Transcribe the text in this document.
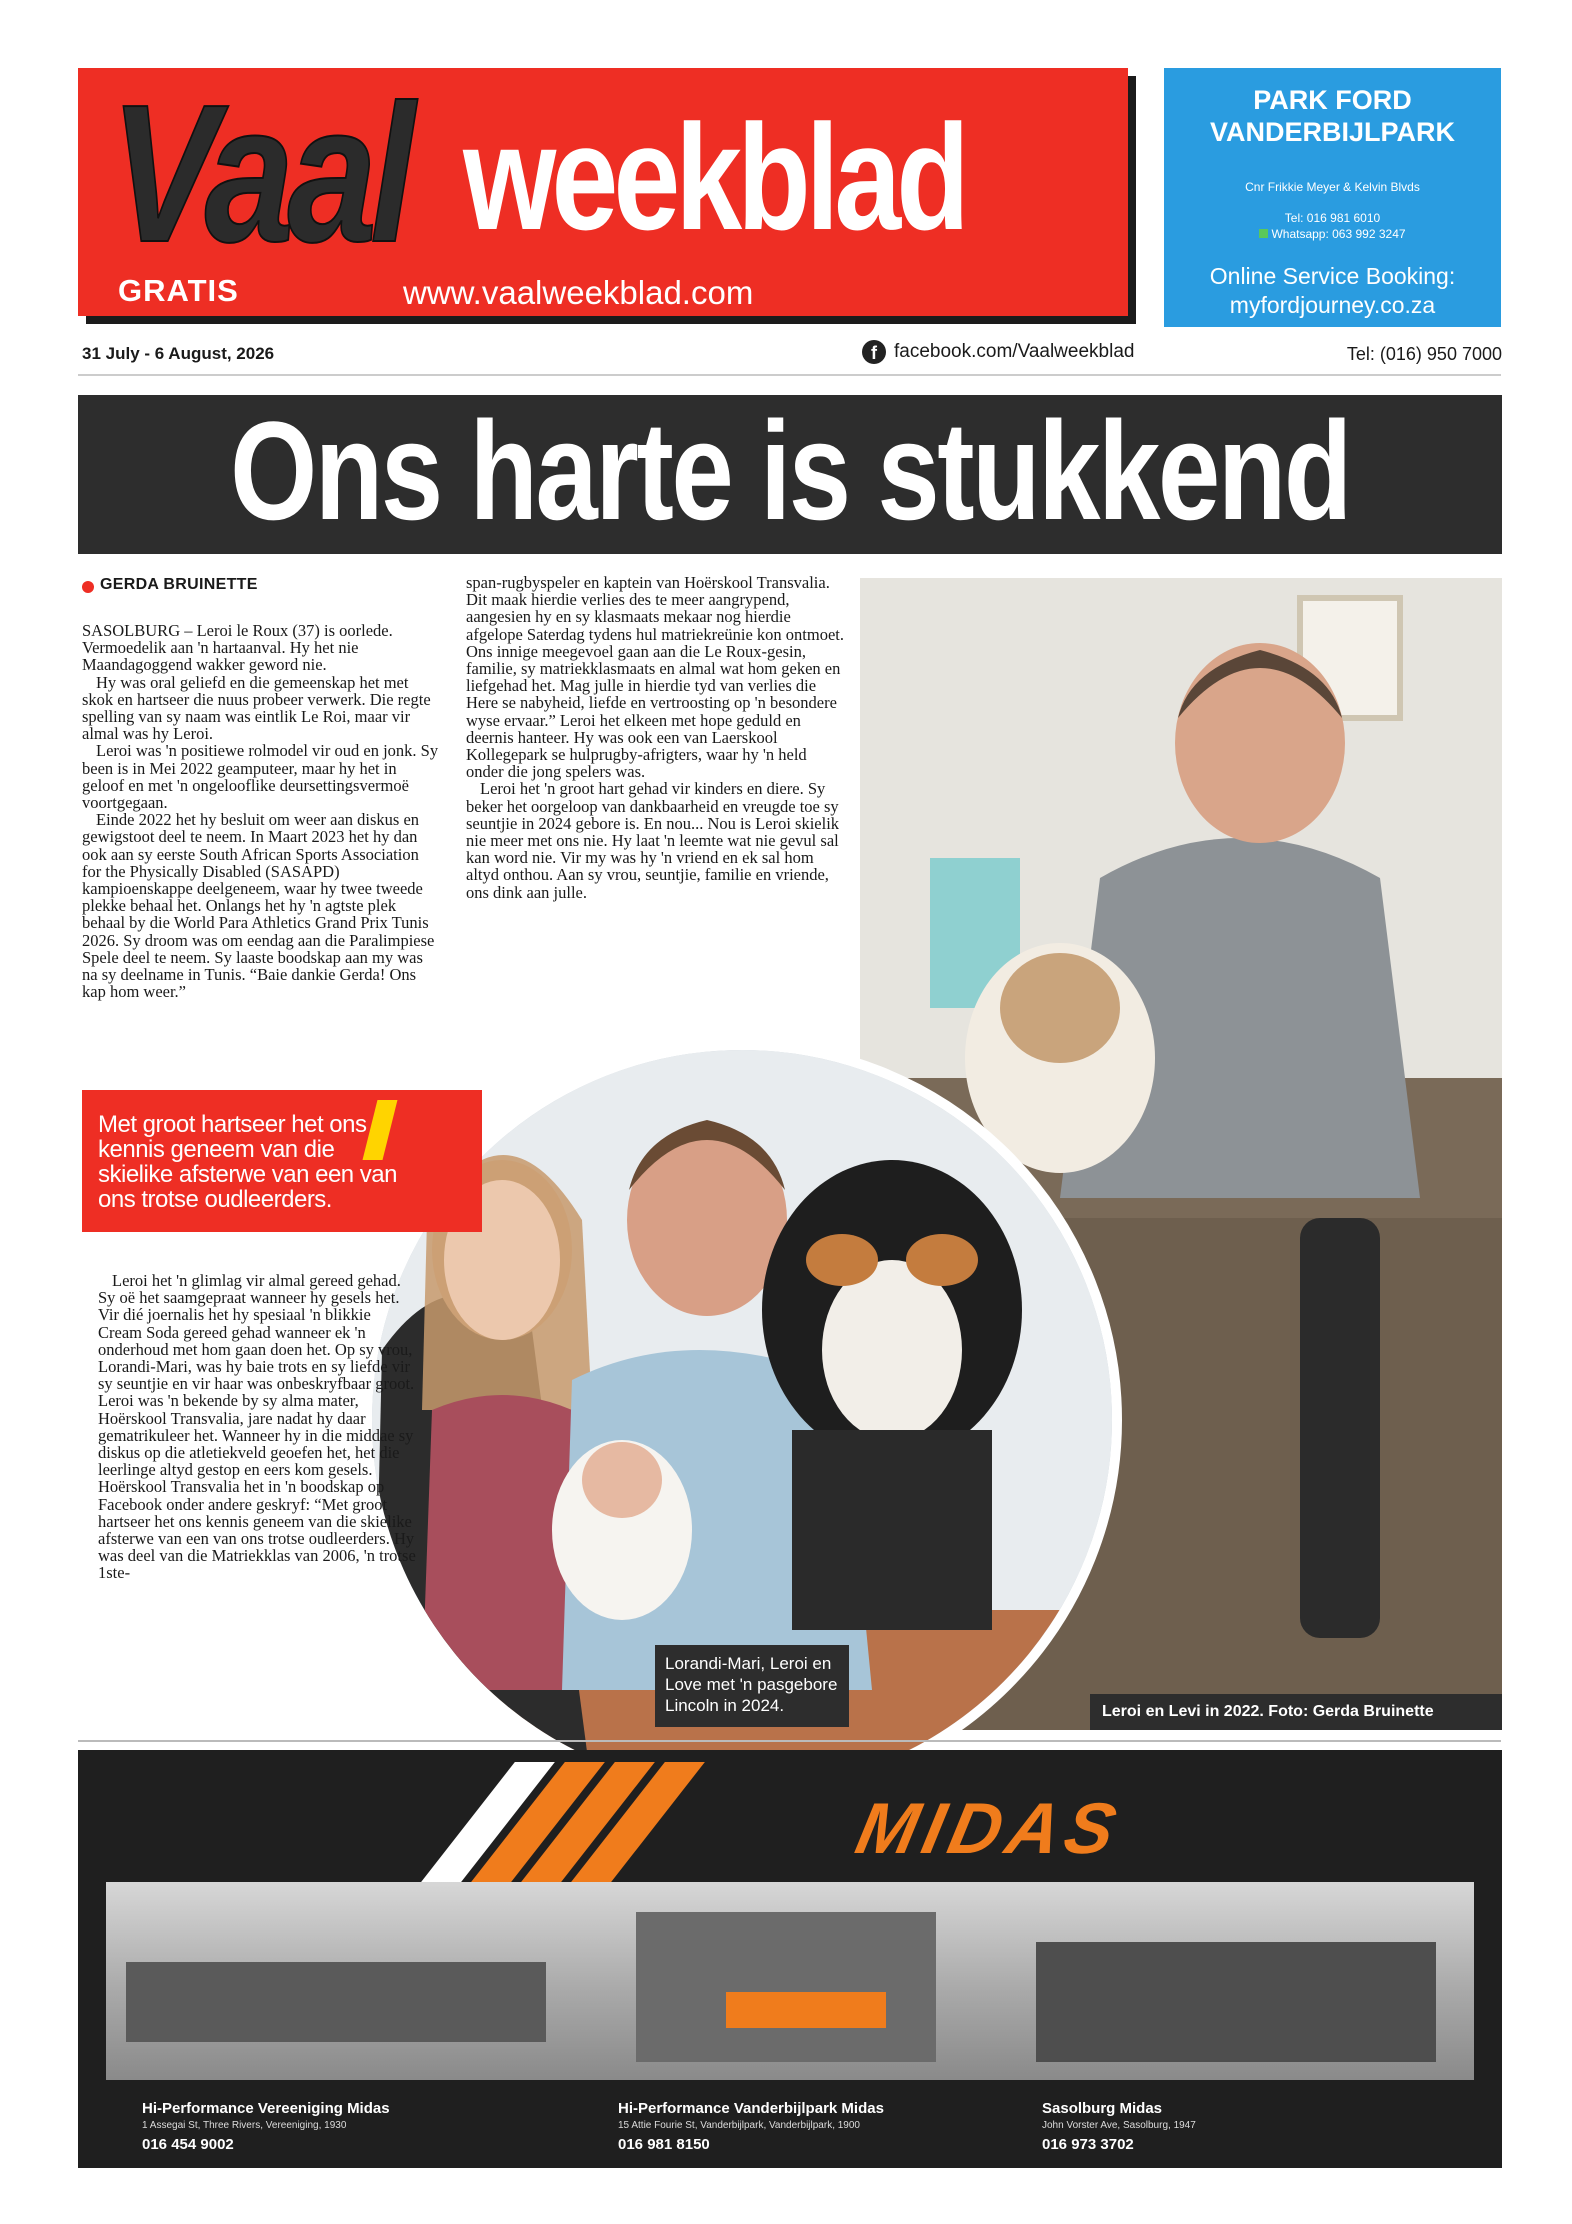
Vaal weekblad
GRATIS	www.vaalweekblad.com
PARK FORD
VANDERBIJLPARK
Cnr Frikkie Meyer & Kelvin Blvds
Tel: 016 981 6010
Whatsapp: 063 992 3247
Online Service Booking:
myfordjourney.co.za
31 July - 6 August, 2026	f facebook.com/Vaalweekblad	Tel: (016) 950 7000
Ons harte is stukkend
GERDA BRUINETTE

SASOLBURG – Leroi le Roux (37) is oorlede. Vermoedelik aan 'n hartaanval. Hy het nie Maandagoggend wakker geword nie.

Hy was oral geliefd en die gemeenskap het met skok en hartseer die nuus probeer verwerk. Die regte spelling van sy naam was eintlik Le Roi, maar vir almal was hy Leroi.

Leroi was 'n positiewe rolmodel vir oud en jonk. Sy been is in Mei 2022 geamputeer, maar hy het in geloof en met 'n ongelooflike deursettingsvermoë voortgegaan.

Einde 2022 het hy besluit om weer aan diskus en gewigstoot deel te neem. In Maart 2023 het hy dan ook aan sy eerste South African Sports Association for the Physically Disabled (SASAPD) kampioenskappe deelgeneem, waar hy twee tweede plekke behaal het. Onlangs het hy 'n agtste plek behaal by die World Para Athletics Grand Prix Tunis 2026. Sy droom was om eendag aan die Paralimpiese Spele deel te neem. Sy laaste boodskap aan my was na sy deelname in Tunis. “Baie dankie Gerda! Ons kap hom weer.”

span-rugbyspeler en kaptein van Hoërskool Transvalia. Dit maak hierdie verlies des te meer aangrypend, aangesien hy en sy klasmaats mekaar nog hierdie afgelope Saterdag tydens hul matriekreünie kon ontmoet. Ons innige meegevoel gaan aan die Le Roux-gesin, familie, sy matriekklasmaats en almal wat hom geken en liefgehad het. Mag julle in hierdie tyd van verlies die Here se nabyheid, liefde en vertroosting op 'n besondere wyse ervaar.” Leroi het elkeen met hope geduld en deernis hanteer. Hy was ook een van Laerskool Kollegepark se hulprugby-afrigters, waar hy 'n held onder die jong spelers was.

Leroi het 'n groot hart gehad vir kinders en diere. Sy beker het oorgeloop van dankbaarheid en vreugde toe sy seuntjie in 2024 gebore is. En nou... Nou is Leroi skielik nie meer met ons nie. Hy laat 'n leemte wat nie gevul sal kan word nie. Vir my was hy 'n vriend en ek sal hom altyd onthou. Aan sy vrou, seuntjie, familie en vriende, ons dink aan julle.

Met groot hartseer het ons
kennis geneem van die
skielike afsterwe van een van
ons trotse oudleerders.

Leroi het 'n glimlag vir almal gereed gehad. Sy oë het saamgepraat wanneer hy gesels het. Vir dié joernalis het hy spesiaal 'n blikkie Cream Soda gereed gehad wanneer ek 'n onderhoud met hom gaan doen het. Op sy vrou, Lorandi-Mari, was hy baie trots en sy liefde vir sy seuntjie en vir haar was onbeskryfbaar groot. Leroi was 'n bekende by sy alma mater, Hoërskool Transvalia, jare nadat hy daar gematrikuleer het. Wanneer hy in die middae sy diskus op die atletiekveld geoefen het, het die leerlinge altyd gestop en eers kom gesels. Hoërskool Transvalia het in 'n boodskap op Facebook onder andere geskryf: “Met groot hartseer het ons kennis geneem van die skielike afsterwe van een van ons trotse oudleerders. Hy was deel van die Matriekklas van 2006, 'n trotse 1ste-

Lorandi-Mari, Leroi en Love met 'n pasgebore Lincoln in 2024.	Leroi en Levi in 2022. Foto: Gerda Bruinette
MIDAS
Hi-Performance Vereeniging Midas
1 Assegai St, Three Rivers, Vereeniging, 1930
016 454 9002
Hi-Performance Vanderbijlpark Midas
15 Attie Fourie St, Vanderbijlpark, Vanderbijlpark, 1900
016 981 8150
Sasolburg Midas
John Vorster Ave, Sasolburg, 1947
016 973 3702
